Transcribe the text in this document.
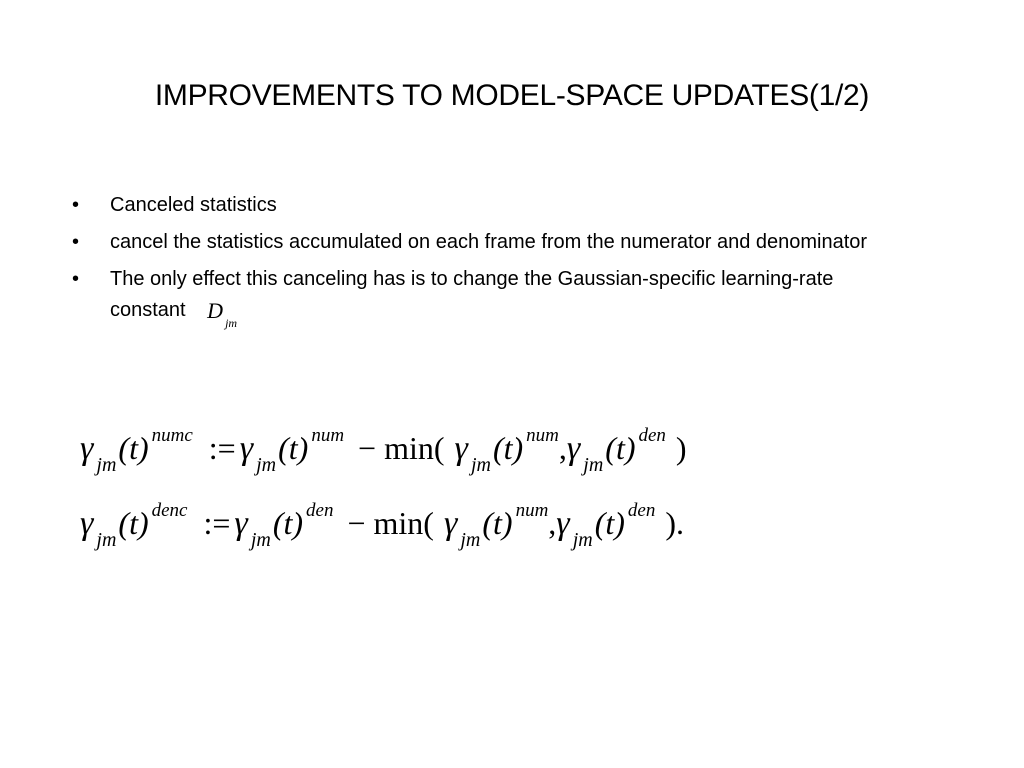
IMPROVEMENTS TO MODEL-SPACE UPDATES(1/2)
•	Canceled statistics
•	cancel the statistics accumulated on each frame from the numerator and denominator
•	The only effect this canceling has is to change the Gaussian-specific learning-rate constant D $_{jm}$
γ jm(t) numc := γ jm(t) num − min( γ jm(t) num,γ jm(t) den )
γ jm(t) denc := γ jm(t) den − min( γ jm(t) num,γ jm(t) den ).
